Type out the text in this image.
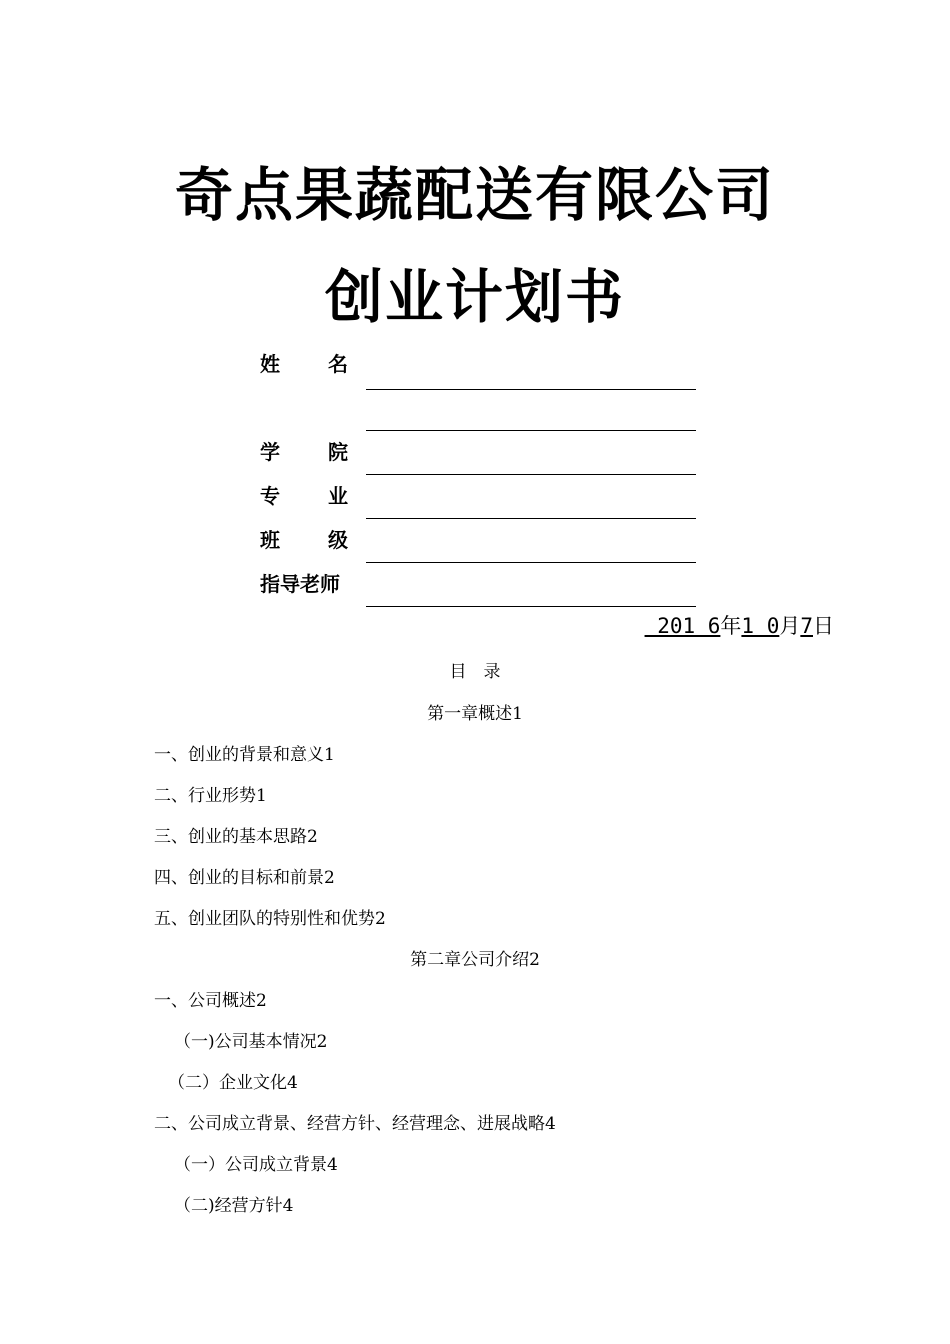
奇点果蔬配送有限公司
创业计划书
姓 名
学 院
专 业
班 级
指导老师
201 6 年 1 0 月 7 日
目　录
第一章概述1
一、创业的背景和意义1
二、行业形势1
三、创业的基本思路2
四、创业的目标和前景2
五、创业团队的特别性和优势2
第二章公司介绍2
一、公司概述2
（一)公司基本情况2
（二）企业文化4
二、公司成立背景、经营方针、经营理念、进展战略4
（一）公司成立背景4
（二)经营方针4
